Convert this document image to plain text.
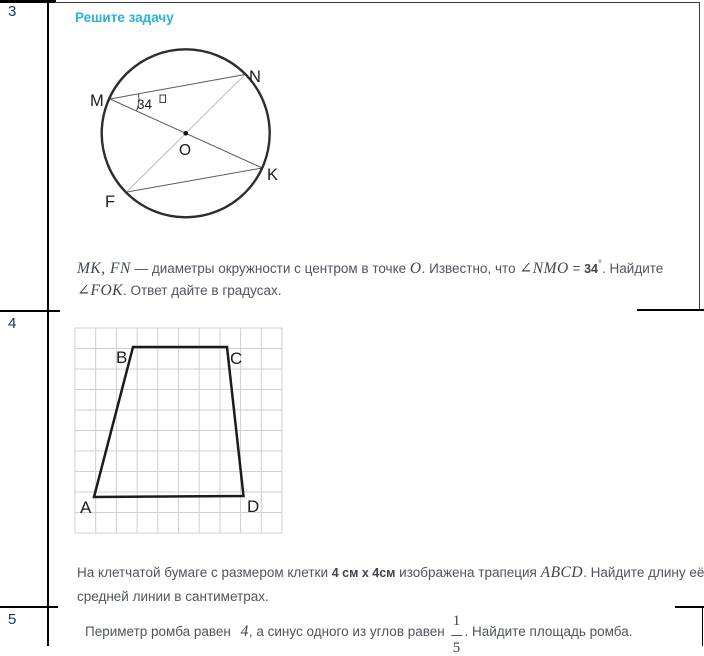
3
4
5
Решите задачу
34
M
N
K
F
O
MK, FN — диаметры окружности с центром в точке O. Известно, что ∠NMO = 34°. Найдите
∠FOK. Ответ дайте в градусах.
A
B	C
D
На клетчатой бумаге с размером клетки 4 см x 4см изображена трапеция ABCD. Найдите длину её
средней линии в сантиметрах.
Периметр ромба равен 4, а синус одного из углов равен $\frac{1}{5}$ . Найдите площадь ромба.
